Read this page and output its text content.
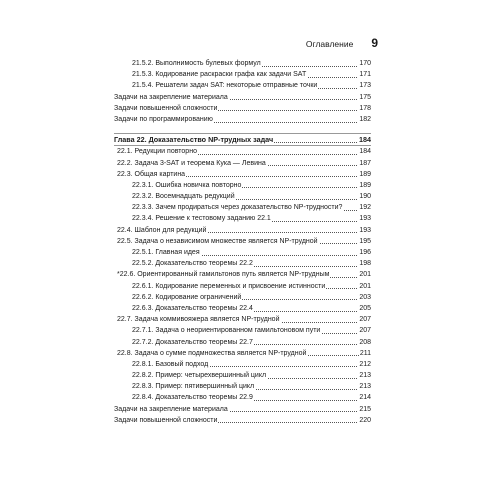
Оглавление 9
21.5.2. Выполнимость булевых формул	170
21.5.3. Кодирование раскраски графа как задачи SAT	171
21.5.4. Решатели задач SAT: некоторые отправные точки	173
Задачи на закрепление материала	175
Задачи повышенной сложности	178
Задачи по программированию	182
Глава 22. Доказательство NP-трудных задач	184
22.1. Редукции повторно	184
22.2. Задача 3-SAT и теорема Кука — Левина	187
22.3. Общая картина	189
22.3.1. Ошибка новичка повторно	189
22.3.2. Восемнадцать редукций	190
22.3.3. Зачем продираться через доказательство NP-трудности? 192
22.3.4. Решение к тестовому заданию 22.1	193
22.4. Шаблон для редукций	193
22.5. Задача о независимом множестве является NP-трудной	195
22.5.1. Главная идея	196
22.5.2. Доказательство теоремы 22.2	198
*22.6. Ориентированный гамильтонов путь является NP-трудным	201
22.6.1. Кодирование переменных и присвоение истинности	201
22.6.2. Кодирование ограничений	203
22.6.3. Доказательство теоремы 22.4	205
22.7. Задача коммивояжера является NP-трудной	207
22.7.1. Задача о неориентированном гамильтоновом пути	207
22.7.2. Доказательство теоремы 22.7	208
22.8. Задача о сумме подмножества является NP-трудной	211
22.8.1. Базовый подход	212
22.8.2. Пример: четырехвершинный цикл	213
22.8.3. Пример: пятивершинный цикл	213
22.8.4. Доказательство теоремы 22.9	214
Задачи на закрепление материала	215
Задачи повышенной сложности	220
